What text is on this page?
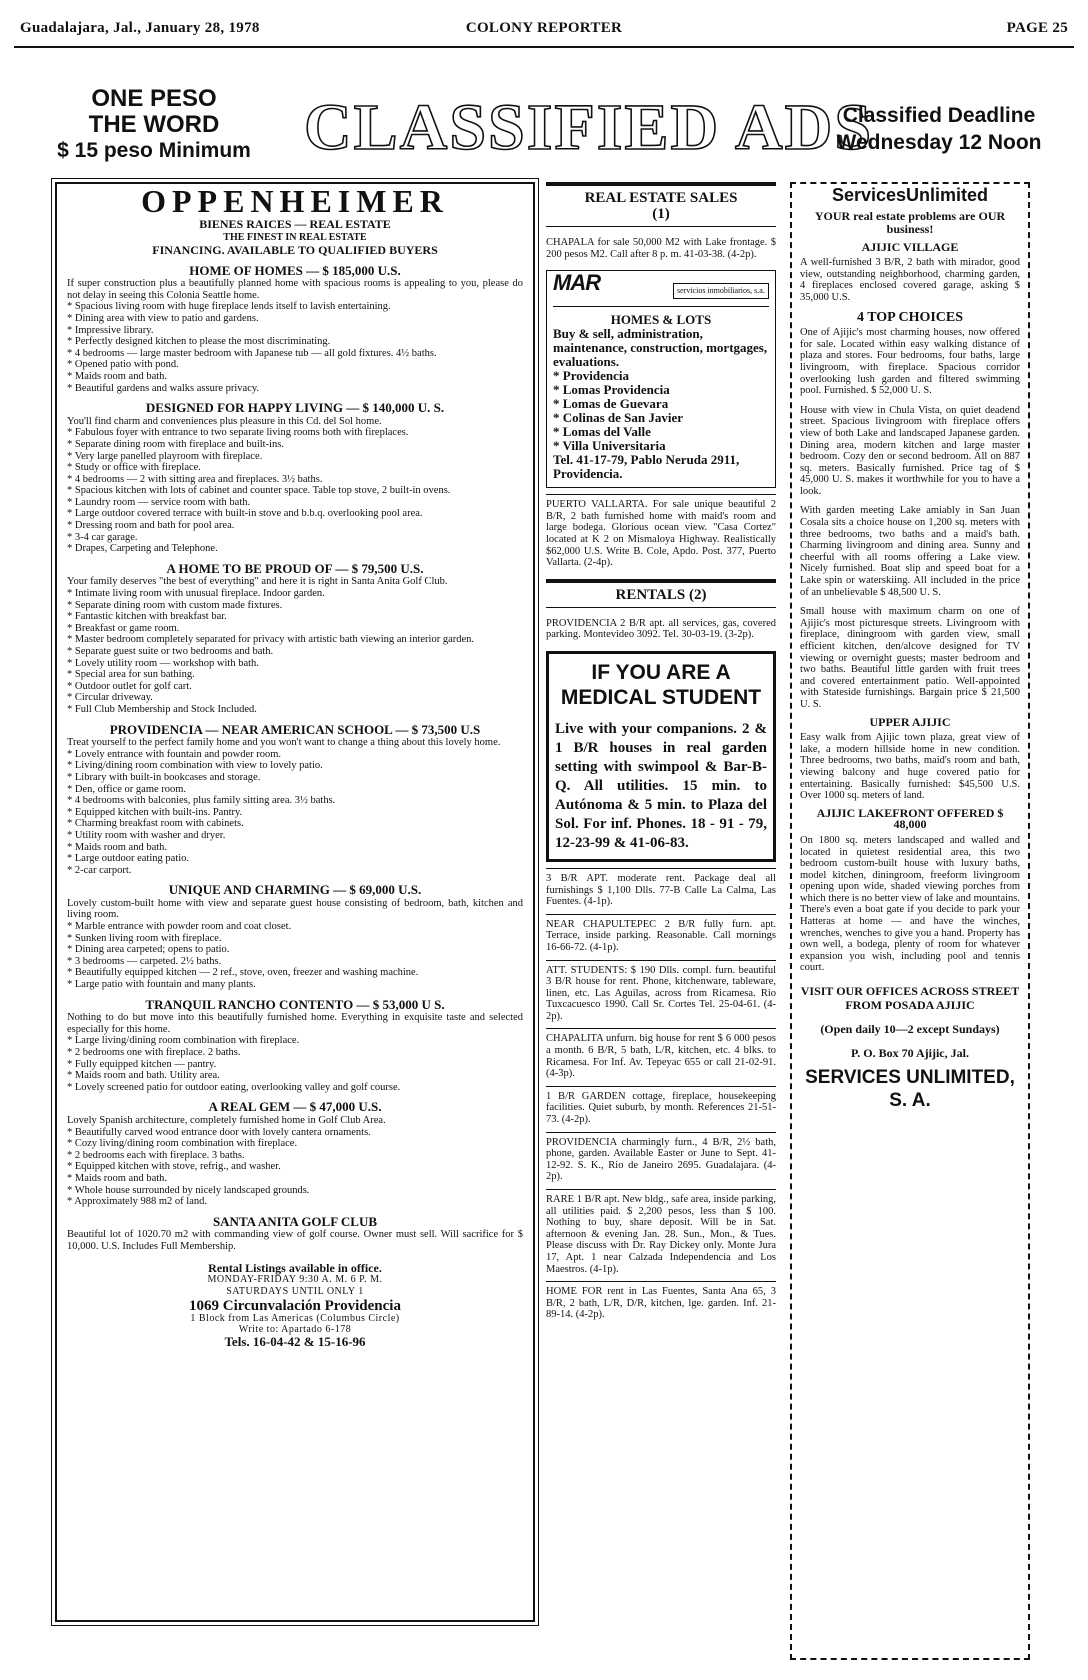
Guadalajara, Jal., January 28, 1978	COLONY REPORTER	PAGE 25
ONE PESO
THE WORD
$ 15 peso Minimum CLASSIFIED ADS
Classified Deadline
Wednesday 12 Noon
OPPENHEIMER
BIENES RAICES — REAL ESTATE
THE FINEST IN REAL ESTATE
FINANCING. AVAILABLE TO QUALIFIED BUYERS
HOME OF HOMES — $ 185,000 U.S.
If super construction plus a beautifully planned home with spacious rooms is appealing to you, please do not delay in seeing this Colonia Seattle home.
* Spacious living room with huge fireplace lends itself to lavish entertaining.
* Dining area with view to patio and gardens.
* Impressive library.
* Perfectly designed kitchen to please the most discriminating.
* 4 bedrooms — large master bedroom with Japanese tub — all gold fixtures. 4½ baths.
* Opened patio with pond.
* Maids room and bath.
* Beautiful gardens and walks assure privacy.
DESIGNED FOR HAPPY LIVING — $ 140,000 U. S.
You'll find charm and conveniences plus pleasure in this Cd. del Sol home.
* Fabulous foyer with entrance to two separate living rooms both with fireplaces.
* Separate dining room with fireplace and built-ins.
* Very large panelled playroom with fireplace.
* Study or office with fireplace.
* 4 bedrooms — 2 with sitting area and fireplaces. 3½ baths.
* Spacious kitchen with lots of cabinet and counter space. Table top stove, 2 built-in ovens.
* Laundry room — service room with bath.
* Large outdoor covered terrace with built-in stove and b.b.q. overlooking pool area.
* Dressing room and bath for pool area.
* 3-4 car garage.
* Drapes, Carpeting and Telephone.
A HOME TO BE PROUD OF — $ 79,500 U.S.
Your family deserves "the best of everything" and here it is right in Santa Anita Golf Club.
* Intimate living room with unusual fireplace. Indoor garden.
* Separate dining room with custom made fixtures.
* Fantastic kitchen with breakfast bar.
* Breakfast or game room.
* Master bedroom completely separated for privacy with artistic bath viewing an interior garden.
* Separate guest suite or two bedrooms and bath.
* Lovely utility room — workshop with bath.
* Special area for sun bathing.
* Outdoor outlet for golf cart.
* Circular driveway.
* Full Club Membership and Stock Included.
PROVIDENCIA — NEAR AMERICAN SCHOOL — $ 73,500 U.S
Treat yourself to the perfect family home and you won't want to change a thing about this lovely home.
* Lovely entrance with fountain and powder room.
* Living/dining room combination with view to lovely patio.
* Library with built-in bookcases and storage.
* Den, office or game room.
* 4 bedrooms with balconies, plus family sitting area. 3½ baths.
* Equipped kitchen with built-ins. Pantry.
* Charming breakfast room with cabinets.
* Utility room with washer and dryer.
* Maids room and bath.
* Large outdoor eating patio.
* 2-car carport.
UNIQUE AND CHARMING — $ 69,000 U.S.
Lovely custom-built home with view and separate guest house consisting of bedroom, bath, kitchen and living room.
* Marble entrance with powder room and coat closet.
* Sunken living room with fireplace.
* Dining area carpeted; opens to patio.
* 3 bedrooms — carpeted. 2½ baths.
* Beautifully equipped kitchen — 2 ref., stove, oven, freezer and washing machine.
* Large patio with fountain and many plants.
TRANQUIL RANCHO CONTENTO — $ 53,000 U S.
Nothing to do but move into this beautifully furnished home. Everything in exquisite taste and selected especially for this home.
* Large living/dining room combination with fireplace.
* 2 bedrooms one with fireplace. 2 baths.
* Fully equipped kitchen — pantry.
* Maids room and bath. Utility area.
* Lovely screened patio for outdoor eating, overlooking valley and golf course.
A REAL GEM — $ 47,000 U.S.
Lovely Spanish architecture, completely furnished home in Golf Club Area.
* Beautifully carved wood entrance door with lovely cantera ornaments.
* Cozy living/dining room combination with fireplace.
* 2 bedrooms each with fireplace. 3 baths.
* Equipped kitchen with stove, refrig., and washer.
* Maids room and bath.
* Whole house surrounded by nicely landscaped grounds.
* Approximately 988 m2 of land.
SANTA ANITA GOLF CLUB
Beautiful lot of 1020.70 m2 with commanding view of golf course. Owner must sell. Will sacrifice for $ 10,000. U.S. Includes Full Membership.
Rental Listings available in office.
MONDAY-FRIDAY 9:30 A. M. 6 P. M.
SATURDAYS UNTIL ONLY 1
1069 Circunvalación Providencia
1 Block from Las Americas (Columbus Circle)
Write to: Apartado 6-178
Tels. 16-04-42 & 15-16-96
REAL ESTATE SALES
(1)
CHAPALA for sale 50,000 M2 with Lake frontage. $ 200 pesos M2. Call after 8 p. m. 41-03-38. (4-2p).
MAR	servicios inmobiliarios, s.a.
HOMES & LOTS
Buy & sell, administration, maintenance, construction, mortgages, evaluations.
* Providencia
* Lomas Providencia
* Lomas de Guevara
* Colinas de San Javier
* Lomas del Valle
* Villa Universitaria
Tel. 41-17-79, Pablo Neruda 2911, Providencia.
PUERTO VALLARTA. For sale unique beautiful 2 B/R, 2 bath furnished home with maid's room and large bodega. Glorious ocean view. "Casa Cortez" located at K 2 on Mismaloya Highway. Realistically $62,000 U.S. Write B. Cole, Apdo. Post. 377, Puerto Vallarta. (2-4p).
RENTALS (2)
PROVIDENCIA 2 B/R apt. all services, gas, covered parking. Montevideo 3092. Tel. 30-03-19. (3-2p).
IF YOU ARE A MEDICAL STUDENT
Live with your companions. 2 & 1 B/R houses in real garden setting with swimpool & Bar-B-Q. All utilities. 15 min. to Autónoma & 5 min. to Plaza del Sol. For inf. Phones. 18 - 91 - 79, 12-23-99 & 41-06-83.
3 B/R APT. moderate rent. Package deal all furnishings $ 1,100 Dlls. 77-B Calle La Calma, Las Fuentes. (4-1p).
NEAR CHAPULTEPEC 2 B/R fully furn. apt. Terrace, inside parking. Reasonable. Call mornings 16-66-72. (4-1p).
ATT. STUDENTS: $ 190 Dlls. compl. furn. beautiful 3 B/R house for rent. Phone, kitchenware, tableware, linen, etc. Las Aguilas, across from Ricamesa. Rio Tuxcacuesco 1990. Call Sr. Cortes Tel. 25-04-61. (4-2p).
CHAPALITA unfurn. big house for rent $ 6 000 pesos a month. 6 B/R, 5 bath, L/R, kitchen, etc. 4 blks. to Ricamesa. For Inf. Av. Tepeyac 655 or call 21-02-91. (4-3p).
1 B/R GARDEN cottage, fireplace, housekeeping facilities. Quiet suburb, by month. References 21-51-73. (4-2p).
PROVIDENCIA charmingly furn., 4 B/R, 2½ bath, phone, garden. Available Easter or June to Sept. 41-12-92. S. K., Rio de Janeiro 2695. Guadalajara. (4-2p).
RARE 1 B/R apt. New bldg., safe area, inside parking, all utilities paid. $ 2,200 pesos, less than $ 100. Nothing to buy, share deposit. Will be in Sat. afternoon & evening Jan. 28. Sun., Mon., & Tues. Please discuss with Dr. Ray Dickey only. Monte Jura 17, Apt. 1 near Calzada Independencia and Los Maestros. (4-1p).
HOME FOR rent in Las Fuentes, Santa Ana 65, 3 B/R, 2 bath, L/R, D/R, kitchen, lge. garden. Inf. 21-89-14. (4-2p).
ServicesUnlimited
YOUR real estate problems are OUR business!
AJIJIC VILLAGE
A well-furnished 3 B/R, 2 bath with mirador, good view, outstanding neighborhood, charming garden, 4 fireplaces enclosed covered garage, asking $ 35,000 U.S.
4 TOP CHOICES
One of Ajijic's most charming houses, now offered for sale. Located within easy walking distance of plaza and stores. Four bedrooms, four baths, large livingroom, with fireplace. Spacious corridor overlooking lush garden and filtered swimming pool. Furnished. $ 52,000 U. S.
House with view in Chula Vista, on quiet deadend street. Spacious livingroom with fireplace offers view of both Lake and landscaped Japanese garden. Dining area, modern kitchen and large master bedroom. Cozy den or second bedroom. All on 887 sq. meters. Basically furnished. Price tag of $ 45,000 U. S. makes it worthwhile for you to have a look.
With garden meeting Lake amiably in San Juan Cosala sits a choice house on 1,200 sq. meters with three bedrooms, two baths and a maid's bath. Charming livingroom and dining area. Sunny and cheerful with all rooms offering a Lake view. Nicely furnished. Boat slip and speed boat for a Lake spin or waterskiing. All included in the price of an unbelievable $ 48,500 U. S.
Small house with maximum charm on one of Ajijic's most picturesque streets. Livingroom with fireplace, diningroom with garden view, small efficient kitchen, den/alcove designed for TV viewing or overnight guests; master bedroom and two baths. Beautiful little garden with fruit trees and covered entertainment patio. Well-appointed with Stateside furnishings. Bargain price $ 21,500 U. S.
UPPER AJIJIC
Easy walk from Ajijic town plaza, great view of lake, a modern hillside home in new condition. Three bedrooms, two baths, maid's room and bath, viewing balcony and huge covered patio for entertaining. Basically furnished: $45,500 U.S. Over 1000 sq. meters of land.
AJIJIC LAKEFRONT OFFERED $ 48,000
On 1800 sq. meters landscaped and walled and located in quietest residential area, this two bedroom custom-built house with luxury baths, model kitchen, diningroom, freeform livingroom opening upon wide, shaded viewing porches from which there is no better view of lake and mountains. There's even a boat gate if you decide to park your Hatteras at home — and have the winches, wrenches, wenches to give you a hand. Property has own well, a bodega, plenty of room for whatever expansion you wish, including pool and tennis court.
VISIT OUR OFFICES ACROSS STREET FROM POSADA AJIJIC
(Open daily 10—2 except Sundays)
P. O. Box 70 Ajijic, Jal.
SERVICES UNLIMITED, S. A.
